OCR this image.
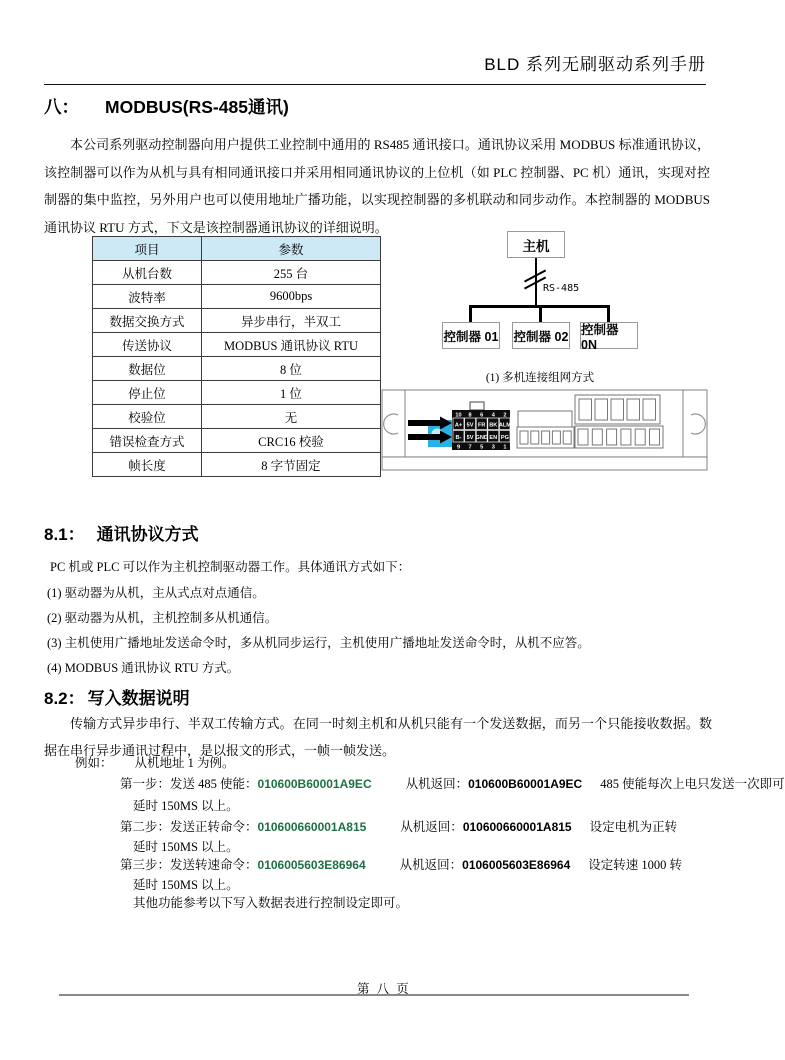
BLD 系列无刷驱动系列手册
八： MODBUS(RS-485通讯)
本公司系列驱动控制器向用户提供工业控制中通用的 RS485 通讯接口。通讯协议采用 MODBUS 标准通讯协议，该控制器可以作为从机与具有相同通讯接口并采用相同通讯协议的上位机（如 PLC 控制器、PC 机）通讯，实现对控制器的集中监控，另外用户也可以使用地址广播功能，以实现控制器的多机联动和同步动作。本控制器的 MODBUS 通讯协议 RTU 方式，下文是该控制器通讯协议的详细说明。
项目	参数
从机台数	255 台
波特率	9600bps
数据交换方式	异步串行，半双工
传送协议	MODBUS 通讯协议 RTU
数据位	8 位
停止位	1 位
校验位	无
错误检查方式	CRC16 校验
帧长度	8 字节固定
主机
RS-485
控制器 01 控制器 02 控制器 0N
(1) 多机连接组网方式
10 8 6 4 2
A+ 5V FR BK ALM
B- 5V GND EN PG
9 7 5 3 1
8.1： 通讯协议方式
PC 机或 PLC 可以作为主机控制驱动器工作。具体通讯方式如下：
(1) 驱动器为从机，主从式点对点通信。
(2) 驱动器为从机，主机控制多从机通信。
(3) 主机使用广播地址发送命令时，多从机同步运行，主机使用广播地址发送命令时，从机不应答。
(4) MODBUS 通讯协议 RTU 方式。
8.2： 写入数据说明
传输方式异步串行、半双工传输方式。在同一时刻主机和从机只能有一个发送数据，而另一个只能接收数据。数据在串行异步通讯过程中，是以报文的形式，一帧一帧发送。
例如： 从机地址 1 为例。
第一步：发送 485 使能：010600B60001A9EC	从机返回：010600B60001A9EC 485 使能每次上电只发送一次即可
延时 150MS 以上。
第二步：发送正转命令：010600660001A815	从机返回：010600660001A815 设定电机为正转
延时 150MS 以上。
第三步：发送转速命令：0106005603E86964	从机返回：0106005603E86964 设定转速 1000 转
延时 150MS 以上。
其他功能参考以下写入数据表进行控制设定即可。
第 八 页
